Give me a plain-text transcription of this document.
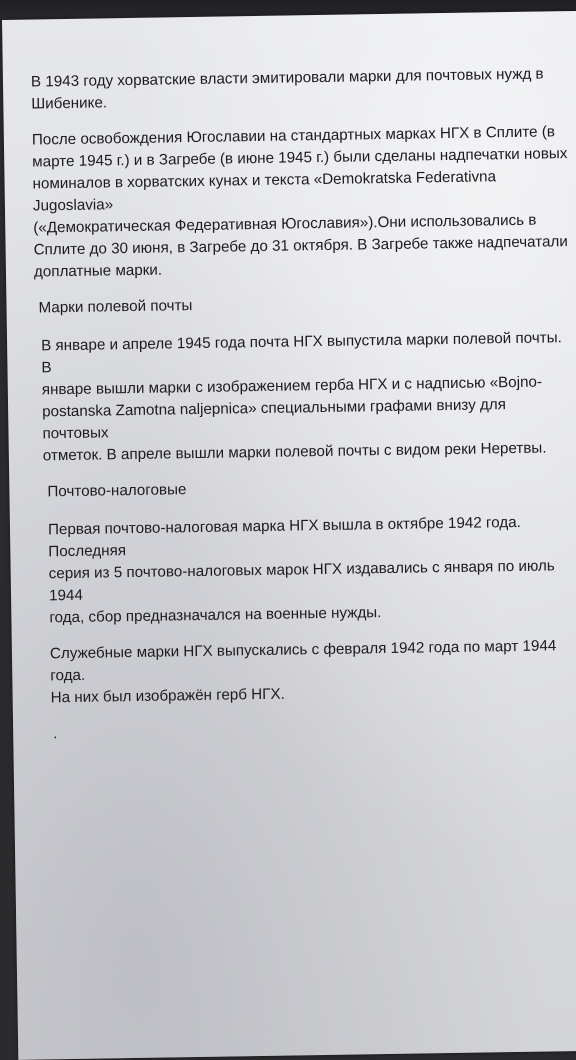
В 1943 году хорватские власти эмитировали марки для почтовых нужд в
Шибенике.

После освобождения Югославии на стандартных марках НГХ в Сплите (в
марте 1945 г.) и в Загребе (в июне 1945 г.) были сделаны надпечатки новых
номиналов в хорватских кунах и текста «Demokratska Federativna Jugoslavia»
(«Демократическая Федеративная Югославия»).Они использовались в
Сплите до 30 июня, в Загребе до 31 октября. В Загребе также надпечатали
доплатные марки.

Марки полевой почты

В январе и апреле 1945 года почта НГХ выпустила марки полевой почты. В
январе вышли марки с изображением герба НГХ и с надписью «Bojno-
postanska Zamotna naljepnica» специальными графами внизу для почтовых
отметок. В апреле вышли марки полевой почты с видом реки Неретвы.

Почтово-налоговые

Первая почтово-налоговая марка НГХ вышла в октябре 1942 года. Последняя
серия из 5 почтово-налоговых марок НГХ издавались с января по июль 1944
года, сбор предназначался на военные нужды.

Служебные марки НГХ выпускались с февраля 1942 года по март 1944 года.
На них был изображён герб НГХ.

.
